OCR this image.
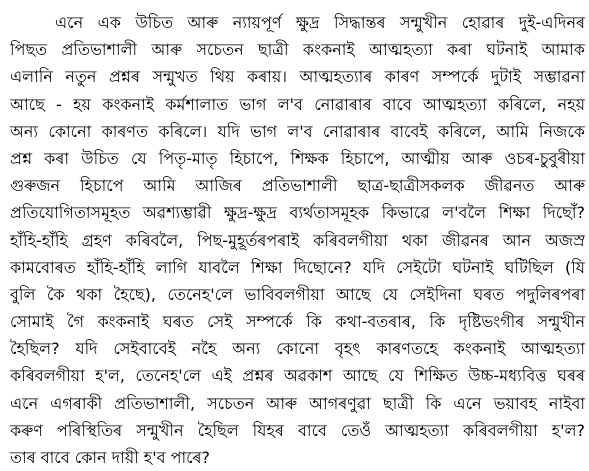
এনে এক উচিত আৰু ন্যায়পূৰ্ণ ক্ষুদ্ৰ সিদ্ধান্তৰ সন্মুখীন হোৱাৰ দুই-এদিনৰ
পিছত প্ৰতিভাশালী আৰু সচেতন ছাত্ৰী কংকনাই আত্মহত্যা কৰা ঘটনাই আমাক
এলানি নতুন প্ৰশ্নৰ সন্মুখত থিয় কৰায়। আত্মহত্যাৰ কাৰণ সম্পৰ্কে দুটাই সম্ভাৱনা
আছে - হয় কংকনাই কৰ্মশালাত ভাগ ল'ব নোৱাৰাৰ বাবে আত্মহত্যা কৰিলে, নহয়
অন্য কোনো কাৰণত কৰিলে। যদি ভাগ ল'ব নোৱাৰাৰ বাবেই কৰিলে, আমি নিজকে
প্ৰশ্ন কৰা উচিত যে পিতৃ-মাতৃ হিচাপে, শিক্ষক হিচাপে, আত্মীয় আৰু ওচৰ-চুবুৰীয়া
গুৰুজন হিচাপে আমি আজিৰ প্ৰতিভাশালী ছাত্ৰ-ছাত্ৰীসকলক জীৱনত আৰু
প্ৰতিযোগিতাসমূহত অৱশ্যম্ভাৱী ক্ষুদ্ৰ-ক্ষুদ্ৰ ব্যৰ্থতাসমূহক কিভাৱে ল'বলৈ শিক্ষা দিছোঁ?
হাঁহি-হাঁহি গ্ৰহণ কৰিবলৈ, পিছ-মুহূৰ্তৰপৰাই কৰিবলগীয়া থকা জীৱনৰ আন অজস্ৰ
কামবোৰত হাঁহি-হাঁহি লাগি যাবলৈ শিক্ষা দিছোনে? যদি সেইটো ঘটনাই ঘটিছিল (যি
বুলি কৈ থকা হৈছে), তেনেহ'লে ভাবিবলগীয়া আছে যে সেইদিনা ঘৰত পদুলিৰপৰা
সোমাই গৈ কংকনাই ঘৰত সেই সম্পৰ্কে কি কথা-বতৰাৰ, কি দৃষ্টিভংগীৰ সন্মুখীন
হৈছিল? যদি সেইবাবেই নহৈ অন্য কোনো বৃহৎ কাৰণতহে কংকনাই আত্মহত্যা
কৰিবলগীয়া হ'ল, তেনেহ'লে এই প্ৰশ্নৰ অৱকাশ আছে যে শিক্ষিত উচ্চ-মধ্যবিত্ত ঘৰৰ
এনে এগৰাকী প্ৰতিভাশালী, সচেতন আৰু আগৰণুৱা ছাত্ৰী কি এনে ভয়াবহ নাইবা
কৰুণ পৰিস্থিতিৰ সন্মুখীন হৈছিল যিহৰ বাবে তেওঁ আত্মহত্যা কৰিবলগীয়া হ'ল?
তাৰ বাবে কোন দায়ী হ'ব পাৰে?
